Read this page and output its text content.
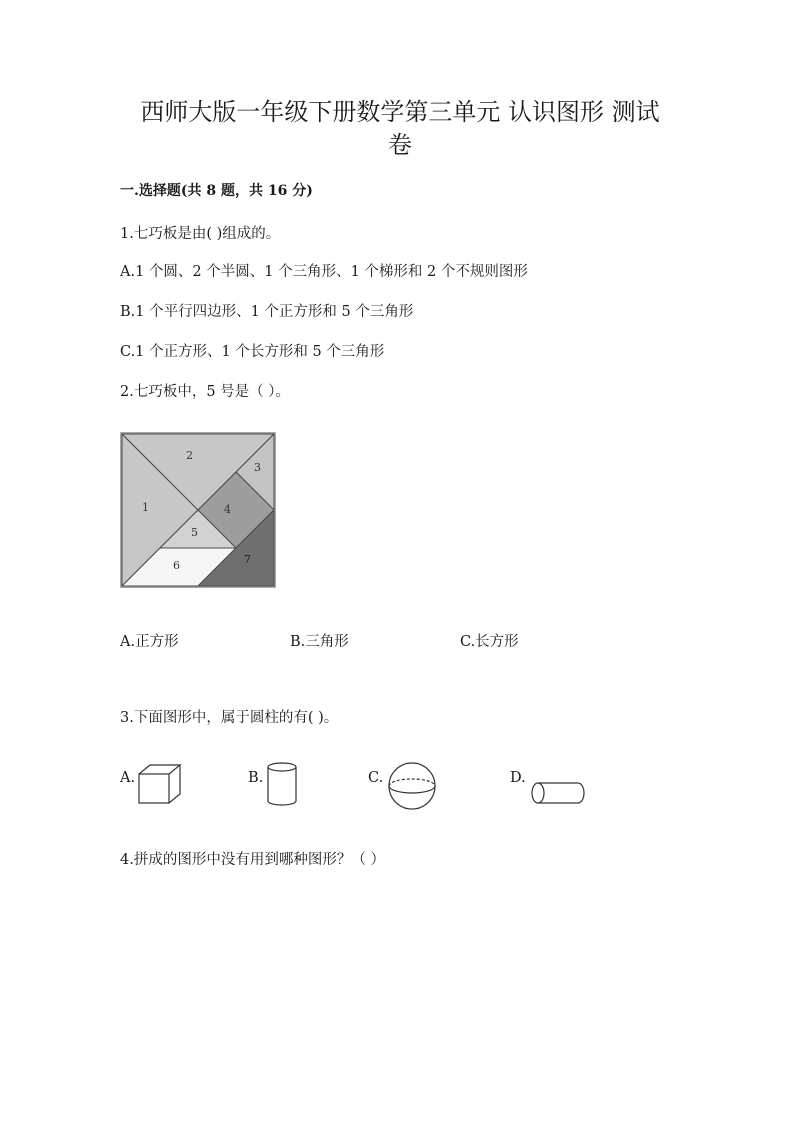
西师大版一年级下册数学第三单元 认识图形 测试
卷
一.选择题(共 8 题，共 16 分)
1.七巧板是由( )组成的。
A.1 个圆、2 个半圆、1 个三角形、1 个梯形和 2 个不规则图形
B.1 个平行四边形、1 个正方形和 5 个三角形
C.1 个正方形、1 个长方形和 5 个三角形
2.七巧板中，5 号是（ ）。
1
2
3
4
5
6	7
A.正方形	B.三角形	C.长方形
3.下面图形中，属于圆柱的有( )。
A.	B.	C.	D.
4.拼成的图形中没有用到哪种图形？（ ）
